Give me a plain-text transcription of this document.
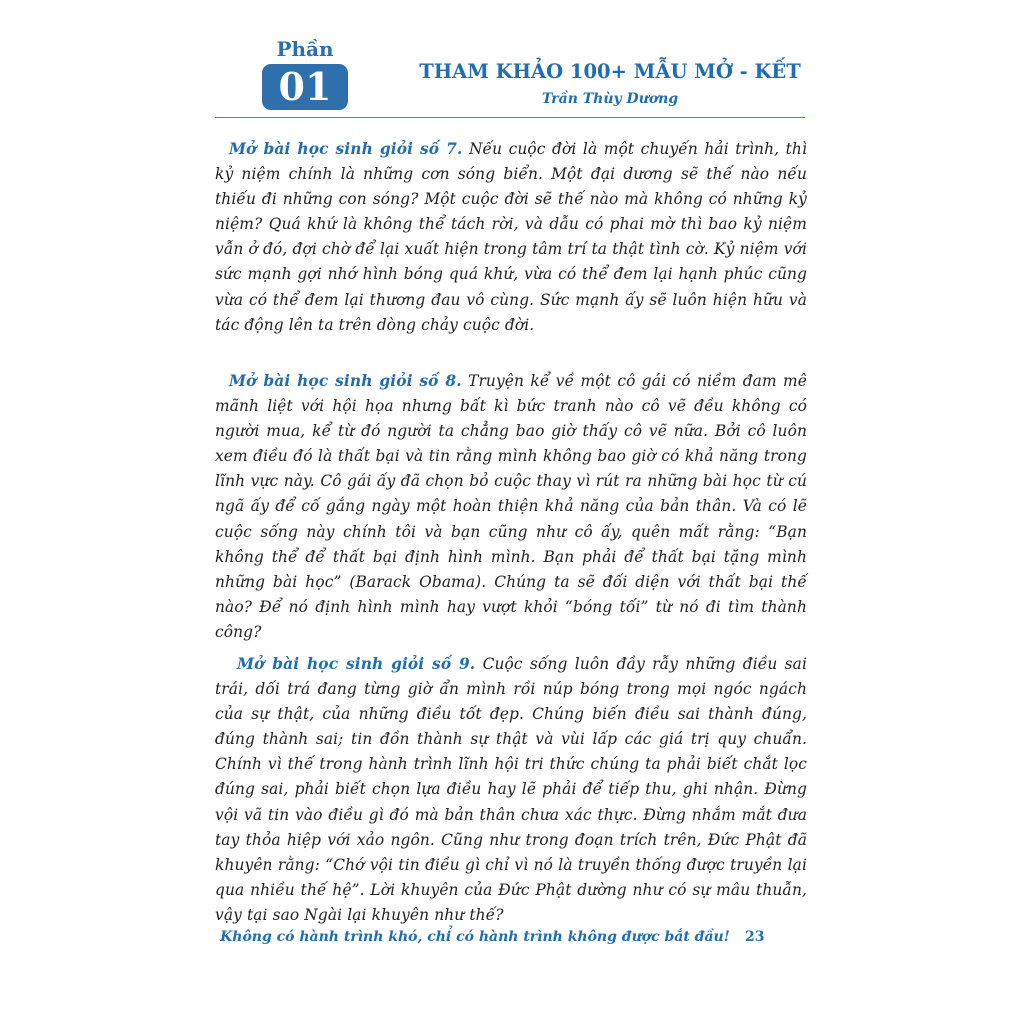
Phần
01	THAM KHẢO 100+ MẪU MỞ - KẾT
Trần Thùy Dương

Mở bài học sinh giỏi số 7. Nếu cuộc đời là một chuyến hải trình, thì kỷ niệm chính là những cơn sóng biển. Một đại dương sẽ thế nào nếu thiếu đi những con sóng? Một cuộc đời sẽ thế nào mà không có những kỷ niệm? Quá khứ là không thể tách rời, và dẫu có phai mờ thì bao kỷ niệm vẫn ở đó, đợi chờ để lại xuất hiện trong tâm trí ta thật tình cờ. Kỷ niệm với sức mạnh gợi nhớ hình bóng quá khứ, vừa có thể đem lại hạnh phúc cũng vừa có thể đem lại thương đau vô cùng. Sức mạnh ấy sẽ luôn hiện hữu và tác động lên ta trên dòng chảy cuộc đời.

Mở bài học sinh giỏi số 8. Truyện kể về một cô gái có niềm đam mê mãnh liệt với hội họa nhưng bất kì bức tranh nào cô vẽ đều không có người mua, kể từ đó người ta chẳng bao giờ thấy cô vẽ nữa. Bởi cô luôn xem điều đó là thất bại và tin rằng mình không bao giờ có khả năng trong lĩnh vực này. Cô gái ấy đã chọn bỏ cuộc thay vì rút ra những bài học từ cú ngã ấy để cố gắng ngày một hoàn thiện khả năng của bản thân. Và có lẽ cuộc sống này chính tôi và bạn cũng như cô ấy, quên mất rằng: “Bạn không thể để thất bại định hình mình. Bạn phải để thất bại tặng mình những bài học” (Barack Obama). Chúng ta sẽ đối diện với thất bại thế nào? Để nó định hình mình hay vượt khỏi “bóng tối” từ nó đi tìm thành công?

Mở bài học sinh giỏi số 9. Cuộc sống luôn đầy rẫy những điều sai trái, dối trá đang từng giờ ẩn mình rồi núp bóng trong mọi ngóc ngách của sự thật, của những điều tốt đẹp. Chúng biến điều sai thành đúng, đúng thành sai; tin đồn thành sự thật và vùi lấp các giá trị quy chuẩn. Chính vì thế trong hành trình lĩnh hội tri thức chúng ta phải biết chắt lọc đúng sai, phải biết chọn lựa điều hay lẽ phải để tiếp thu, ghi nhận. Đừng vội vã tin vào điều gì đó mà bản thân chưa xác thực. Đừng nhắm mắt đưa tay thỏa hiệp với xảo ngôn. Cũng như trong đoạn trích trên, Đức Phật đã khuyên rằng: “Chớ vội tin điều gì chỉ vì nó là truyền thống được truyền lại qua nhiều thế hệ”. Lời khuyên của Đức Phật dường như có sự mâu thuẫn, vậy tại sao Ngài lại khuyên như thế?

Không có hành trình khó, chỉ có hành trình không được bắt đầu!	23
